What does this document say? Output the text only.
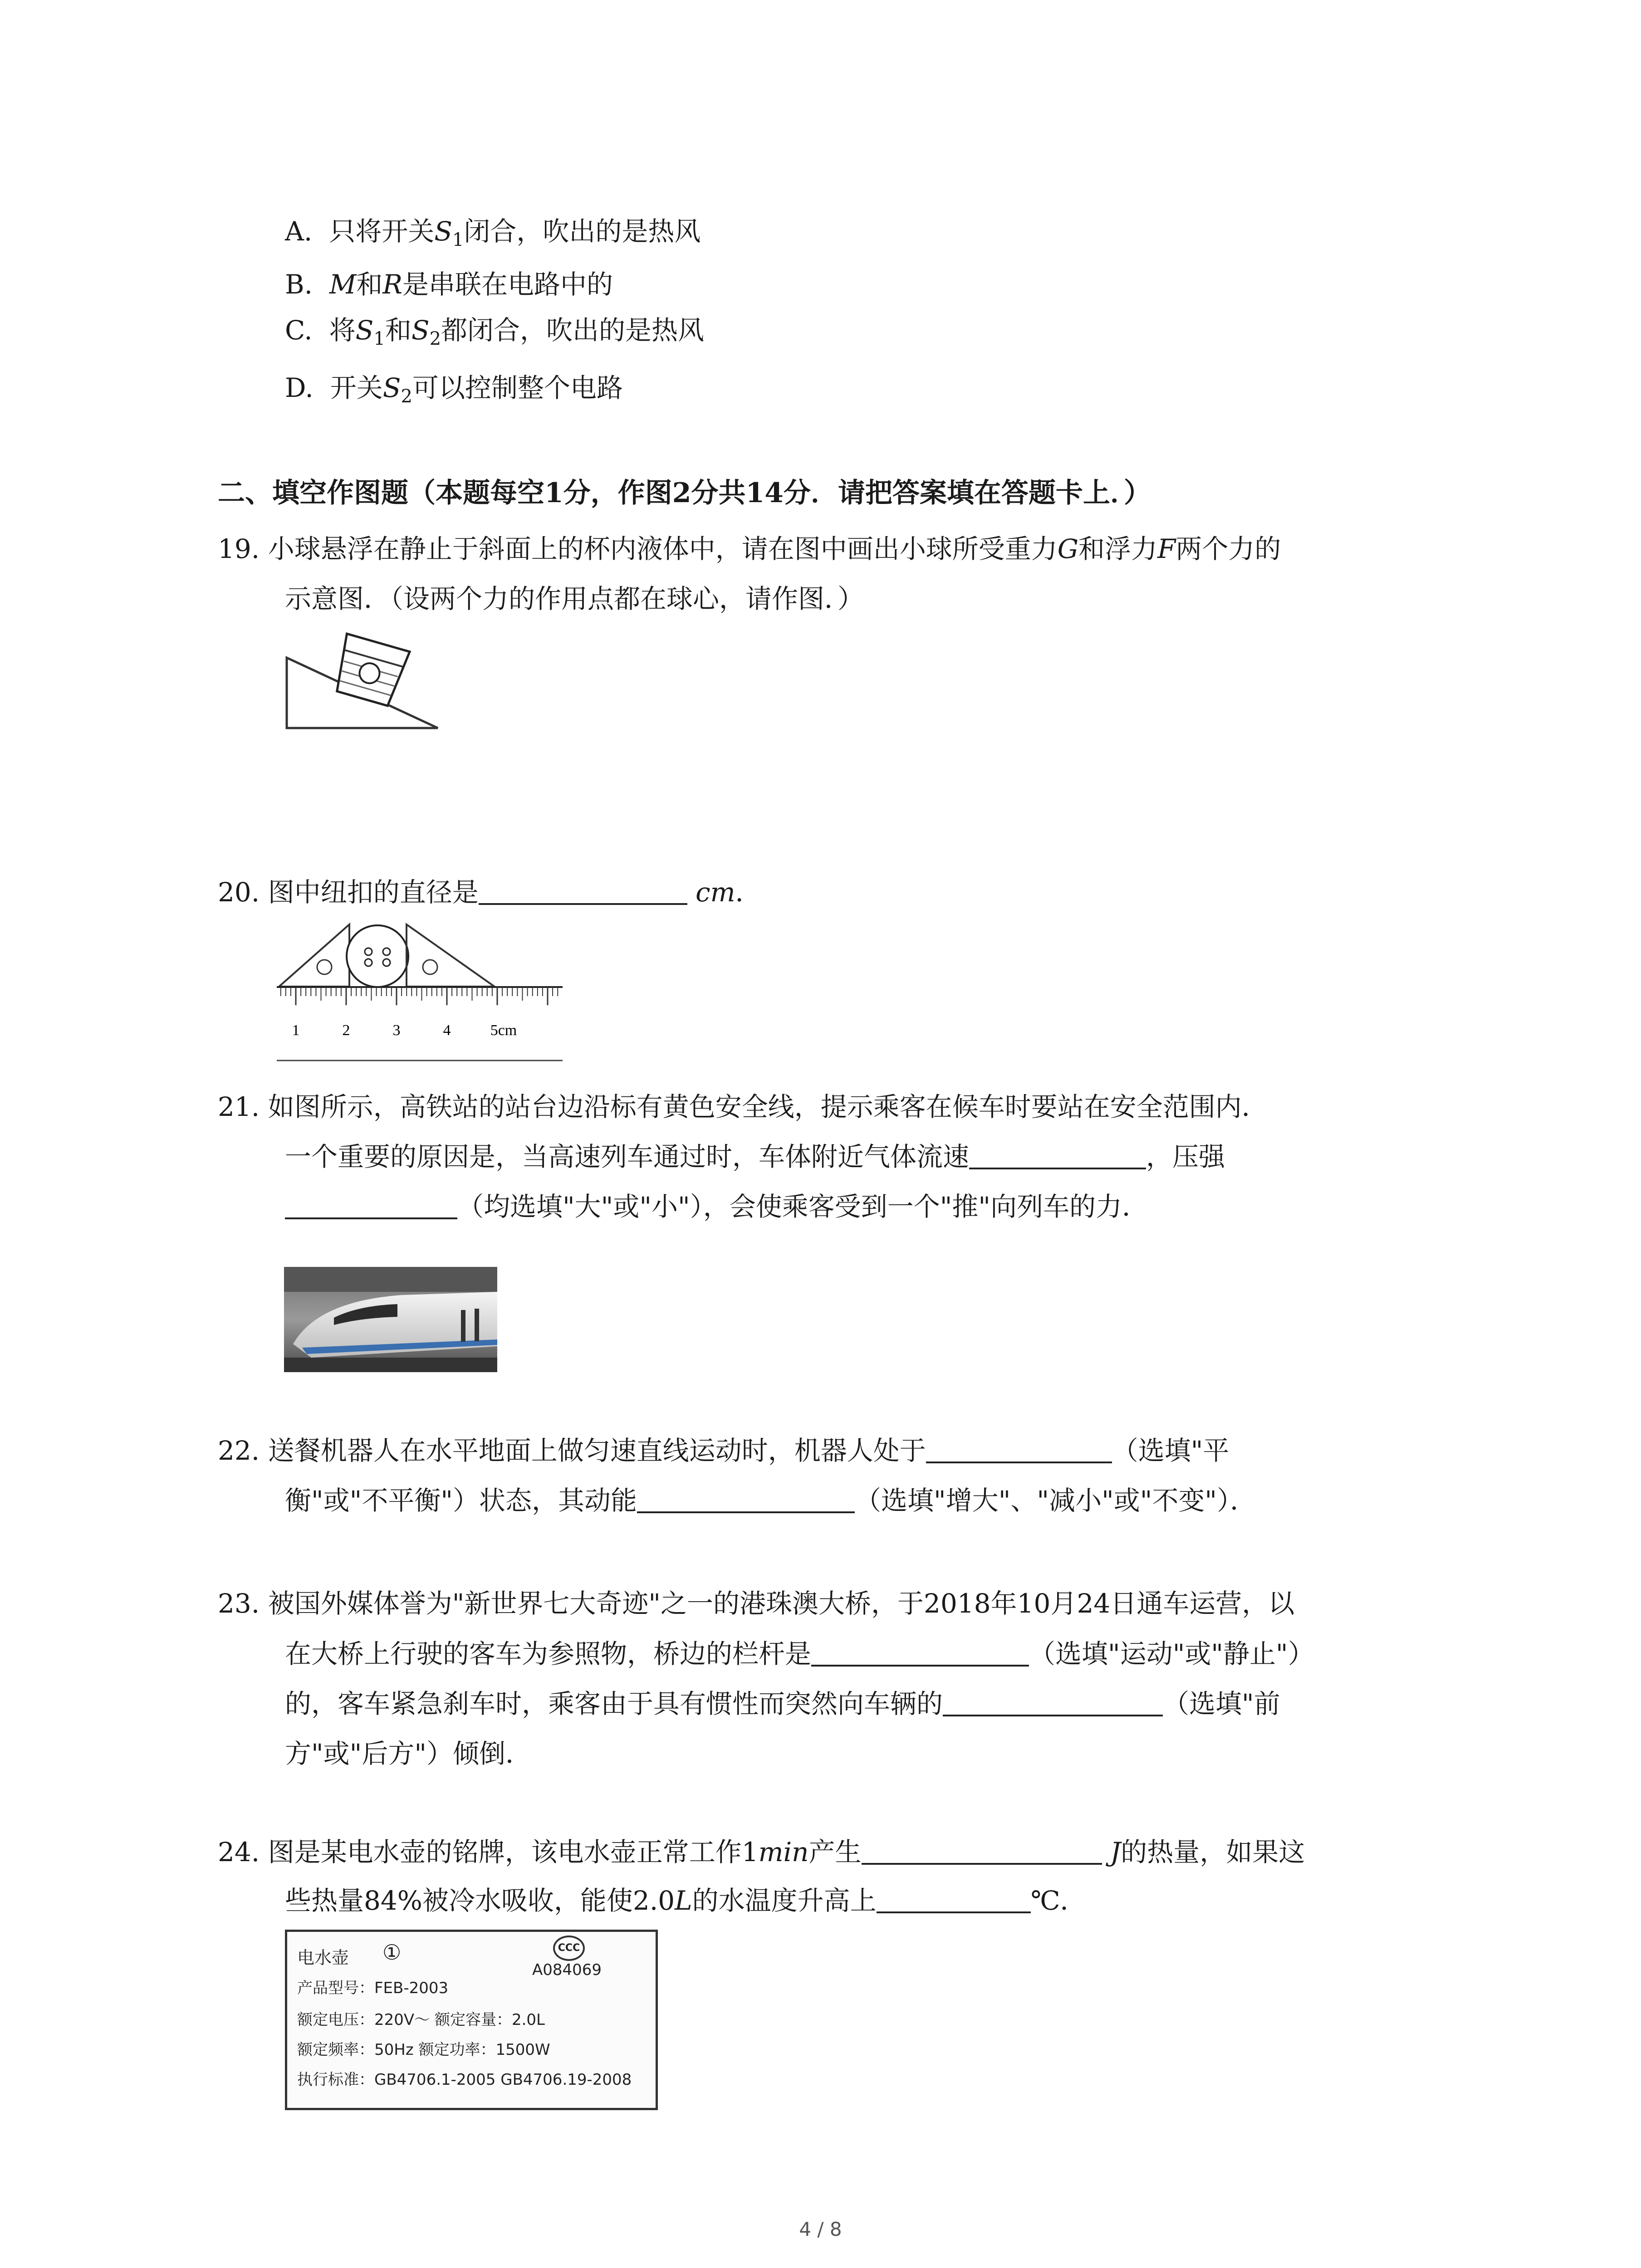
A. 只将开关$S_1$闭合，吹出的是热风
B. M和R是串联在电路中的
C. 将$S_1$和$S_2$都闭合，吹出的是热风
D. 开关$S_2$可以控制整个电路
二、填空作图题（本题每空1分，作图2分共14分．请把答案填在答题卡上．）
19. 小球悬浮在静止于斜面上的杯内液体中，请在图中画出小球所受重力G和浮力F两个力的
示意图．（设两个力的作用点都在球心，请作图．）
20. 图中纽扣的直径是	cm．
1	2	3	4	5cm
21. 如图所示，高铁站的站台边沿标有黄色安全线，提示乘客在候车时要站在安全范围内．
一个重要的原因是，当高速列车通过时，车体附近气体流速	，压强
（均选填"大"或"小"），会使乘客受到一个"推"向列车的力．
22. 送餐机器人在水平地面上做匀速直线运动时，机器人处于	（选填"平
衡"或"不平衡"）状态，其动能	（选填"增大"、"减小"或"不变"）．
23. 被国外媒体誉为"新世界七大奇迹"之一的港珠澳大桥，于2018年10月24日通车运营，以
在大桥上行驶的客车为参照物，桥边的栏杆是	（选填"运动"或"静止"）
的，客车紧急刹车时，乘客由于具有惯性而突然向车辆的	（选填"前
方"或"后方"）倾倒．
24. 图是某电水壶的铭牌，该电水壶正常工作1min产生	J的热量，如果这
些热量84%被冷水吸收，能使2.0L的水温度升高上	℃．
电水壶 ①	CCC
A084069
产品型号：FEB-2003
额定电压：220V～ 额定容量：2.0L
额定频率：50Hz 额定功率：1500W
执行标准：GB4706.1-2005 GB4706.19-2008
4 / 8
